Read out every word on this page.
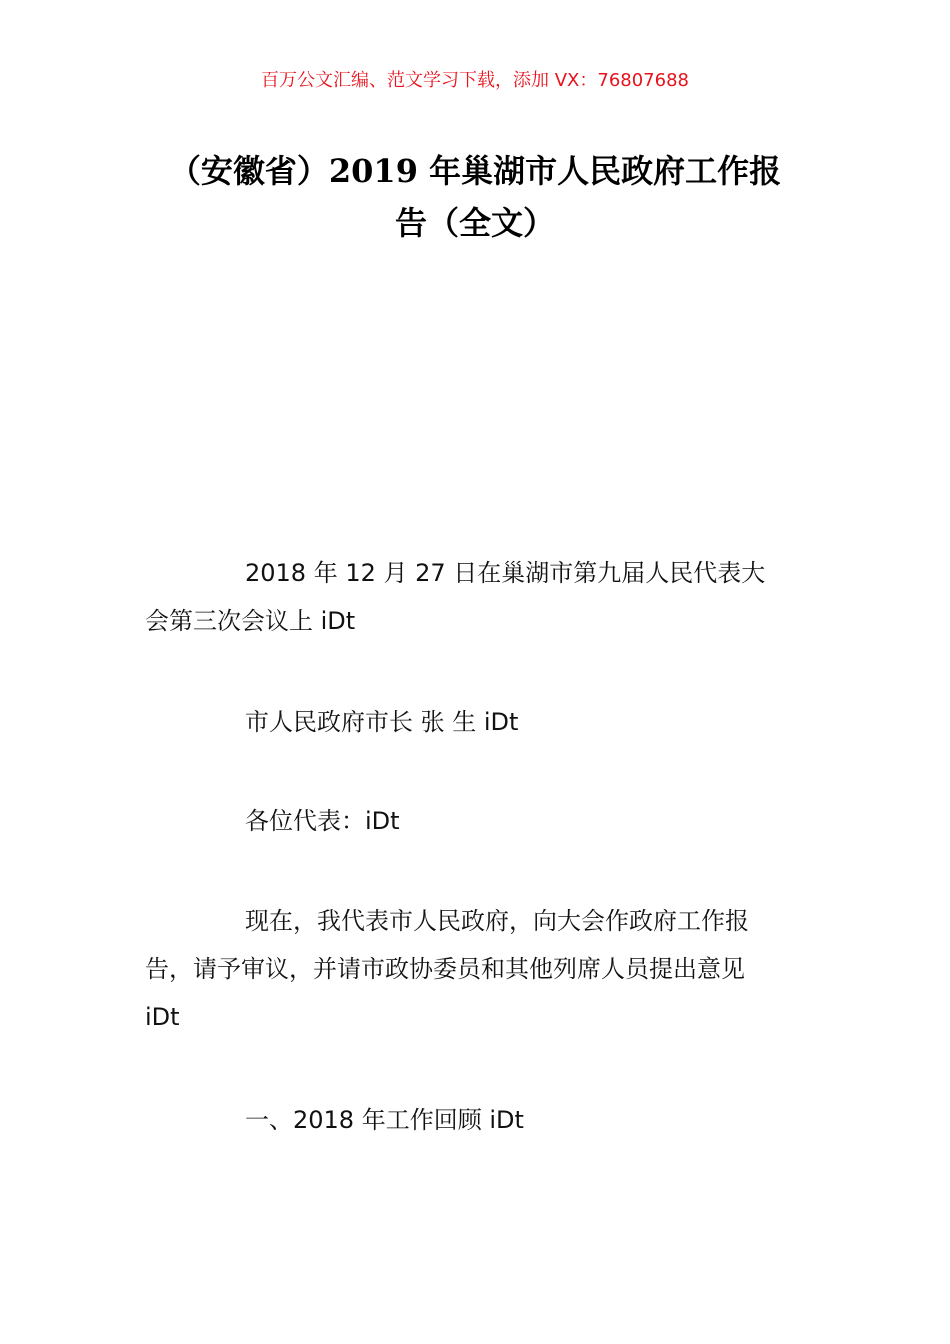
百万公文汇编、范文学习下载，添加 VX：76807688
（安徽省）2019 年巢湖市人民政府工作报
告（全文）
2018 年 12 月 27 日在巢湖市第九届人民代表大
会第三次会议上 iDt
市人民政府市长 张 生 iDt
各位代表：iDt
现在，我代表市人民政府，向大会作政府工作报
告，请予审议，并请市政协委员和其他列席人员提出意见
iDt
一、2018 年工作回顾 iDt
